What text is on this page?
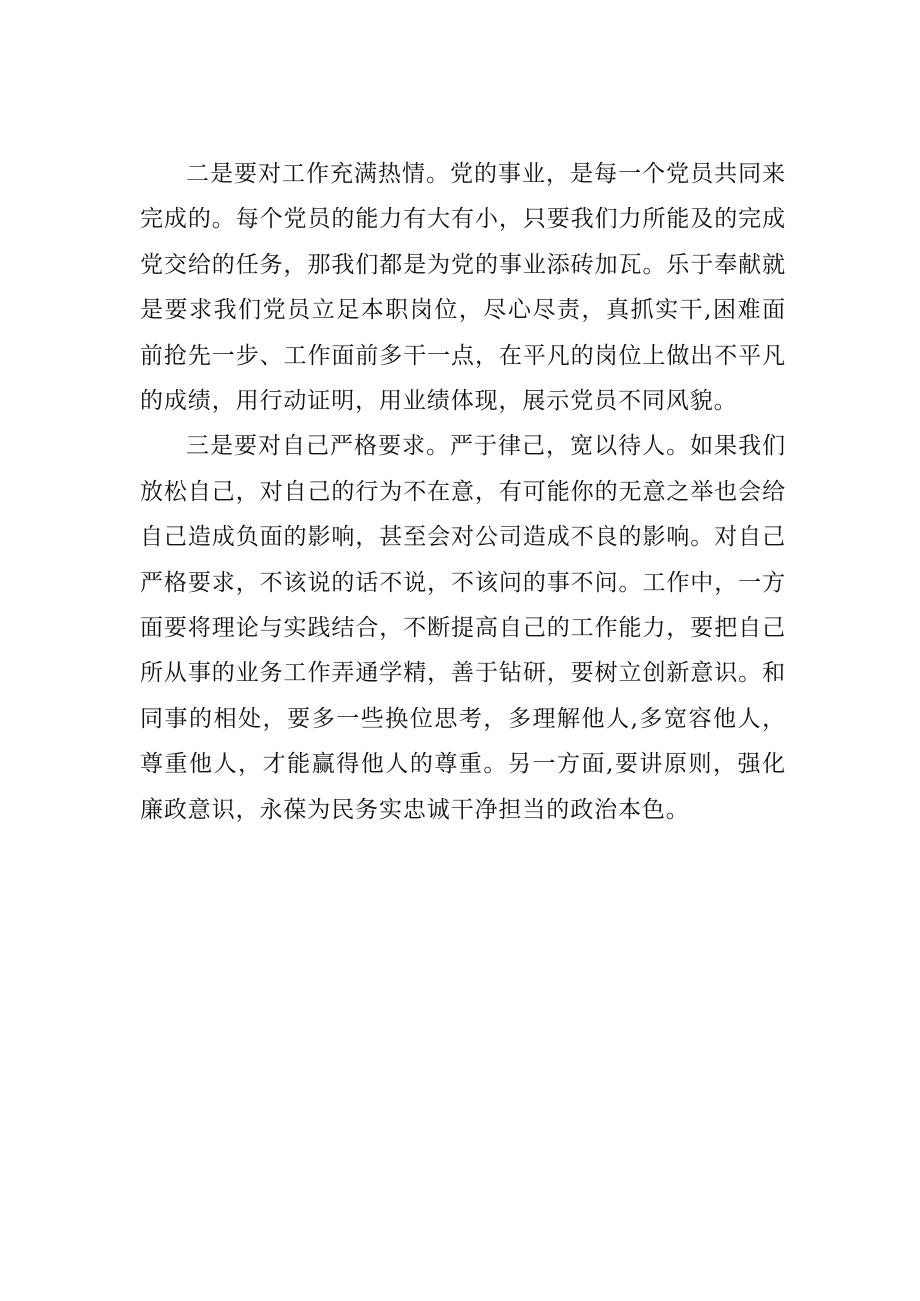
二是要对工作充满热情。党的事业，是每一个党员共同来完成的。每个党员的能力有大有小，只要我们力所能及的完成党交给的任务，那我们都是为党的事业添砖加瓦。乐于奉献就是要求我们党员立足本职岗位，尽心尽责，真抓实干,困难面前抢先一步、工作面前多干一点，在平凡的岗位上做出不平凡的成绩，用行动证明，用业绩体现，展示党员不同风貌。

三是要对自己严格要求。严于律己，宽以待人。如果我们放松自己，对自己的行为不在意，有可能你的无意之举也会给自己造成负面的影响，甚至会对公司造成不良的影响。对自己严格要求，不该说的话不说，不该问的事不问。工作中，一方面要将理论与实践结合，不断提高自己的工作能力，要把自己所从事的业务工作弄通学精，善于钻研，要树立创新意识。和同事的相处，要多一些换位思考，多理解他人,多宽容他人，尊重他人，才能赢得他人的尊重。另一方面,要讲原则，强化廉政意识，永葆为民务实忠诚干净担当的政治本色。
